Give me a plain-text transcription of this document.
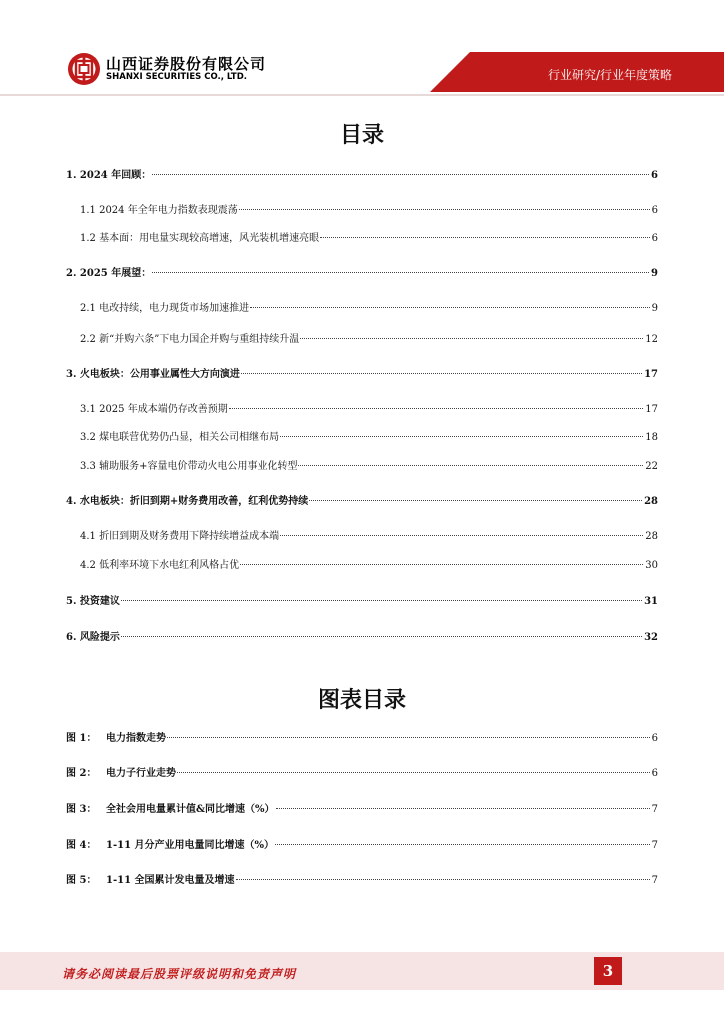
行业研究/行业年度策略
山西证券股份有限公司
SHANXI SECURITIES CO., LTD.
目录
1. 2024 年回顾：	6
1.1 2024 年全年电力指数表现震荡	6
1.2 基本面：用电量实现较高增速，风光装机增速亮眼	6
2. 2025 年展望：	9
2.1 电改持续，电力现货市场加速推进	9
2.2 新“并购六条”下电力国企并购与重组持续升温	12
3. 火电板块：公用事业属性大方向演进	17
3.1 2025 年成本端仍存改善预期	17
3.2 煤电联营优势仍凸显，相关公司相继布局	18
3.3 辅助服务+容量电价带动火电公用事业化转型	22
4. 水电板块：折旧到期+财务费用改善，红利优势持续	28
4.1 折旧到期及财务费用下降持续增益成本端	28
4.2 低利率环境下水电红利风格占优	30
5. 投资建议	31
6. 风险提示	32
图表目录
图 1： 电力指数走势	6
图 2： 电力子行业走势	6
图 3： 全社会用电量累计值&同比增速（%）	7
图 4： 1-11 月分产业用电量同比增速（%）	7
图 5： 1-11 全国累计发电量及增速	7
请务必阅读最后股票评级说明和免责声明	3
